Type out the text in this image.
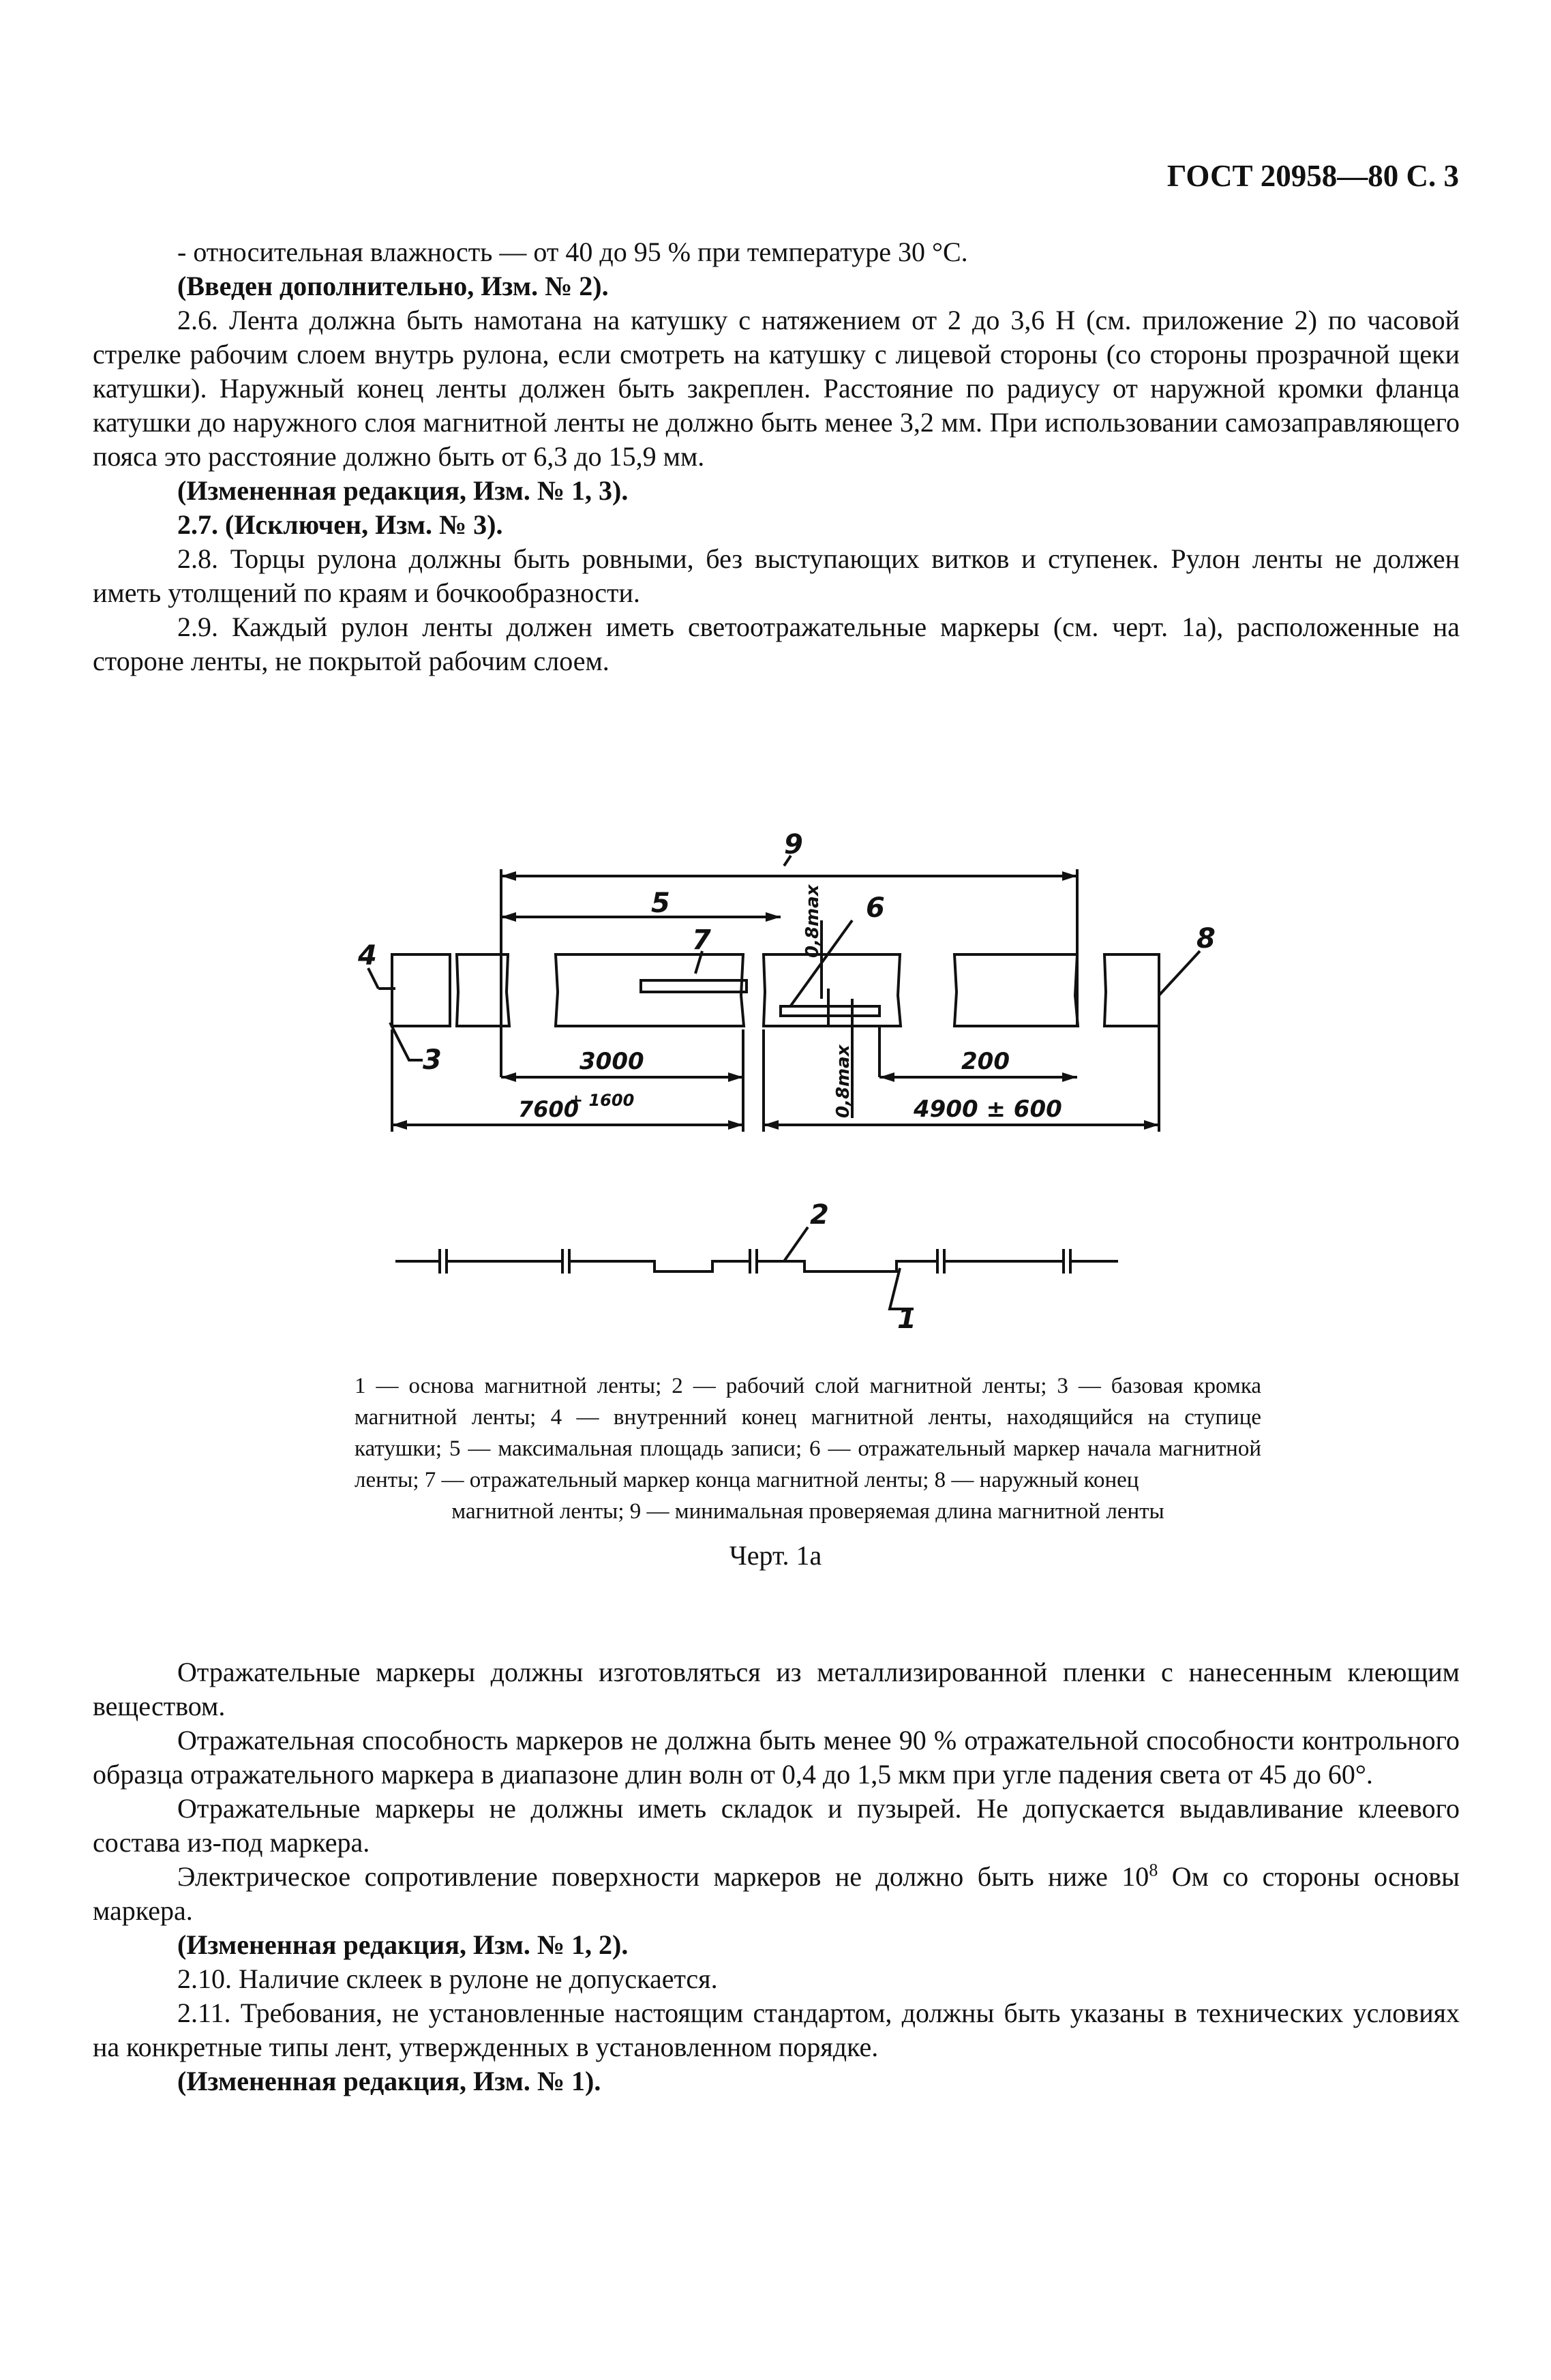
ГОСТ 20958—80 С. 3

- относительная влажность — от 40 до 95 % при температуре 30 °С.

(Введен дополнительно, Изм. № 2).

2.6. Лента должна быть намотана на катушку с натяжением от 2 до 3,6 Н (см. приложение 2) по часовой стрелке рабочим слоем внутрь рулона, если смотреть на катушку с лицевой стороны (со стороны прозрачной щеки катушки). Наружный конец ленты должен быть закреплен. Расстояние по радиусу от наружной кромки фланца катушки до наружного слоя магнитной ленты не должно быть менее 3,2 мм. При использовании самозаправляющего пояса это расстояние должно быть от 6,3 до 15,9 мм.

(Измененная редакция, Изм. № 1, 3).

2.7. (Исключен, Изм. № 3).

2.8. Торцы рулона должны быть ровными, без выступающих витков и ступенек. Рулон ленты не должен иметь утолщений по краям и бочкообразности.

2.9. Каждый рулон ленты должен иметь светоотражательные маркеры (см. черт. 1а), расположенные на стороне ленты, не покрытой рабочим слоем.

9
5
7
6
4
8
3
2
1
3000
7600
+ 1600
200
4900 ± 600
0,8max
0,8max
1 — основа магнитной ленты; 2 — рабочий слой магнитной ленты; 3 — базовая кромка магнитной ленты; 4 — внутренний конец магнитной ленты, находящийся на ступице катушки; 5 — максимальная площадь записи; 6 — отражательный маркер начала магнитной ленты; 7 — отражательный маркер конца магнитной ленты; 8 — наружный конец
магнитной ленты; 9 — минимальная проверяемая длина магнитной ленты
Черт. 1а

Отражательные маркеры должны изготовляться из металлизированной пленки с нанесенным клеющим веществом.

Отражательная способность маркеров не должна быть менее 90 % отражательной способности контрольного образца отражательного маркера в диапазоне длин волн от 0,4 до 1,5 мкм при угле падения света от 45 до 60°.

Отражательные маркеры не должны иметь складок и пузырей. Не допускается выдавливание клеевого состава из-под маркера.

Электрическое сопротивление поверхности маркеров не должно быть ниже $10^8$ Ом со стороны основы маркера.

(Измененная редакция, Изм. № 1, 2).

2.10. Наличие склеек в рулоне не допускается.

2.11. Требования, не установленные настоящим стандартом, должны быть указаны в технических условиях на конкретные типы лент, утвержденных в установленном порядке.

(Измененная редакция, Изм. № 1).
